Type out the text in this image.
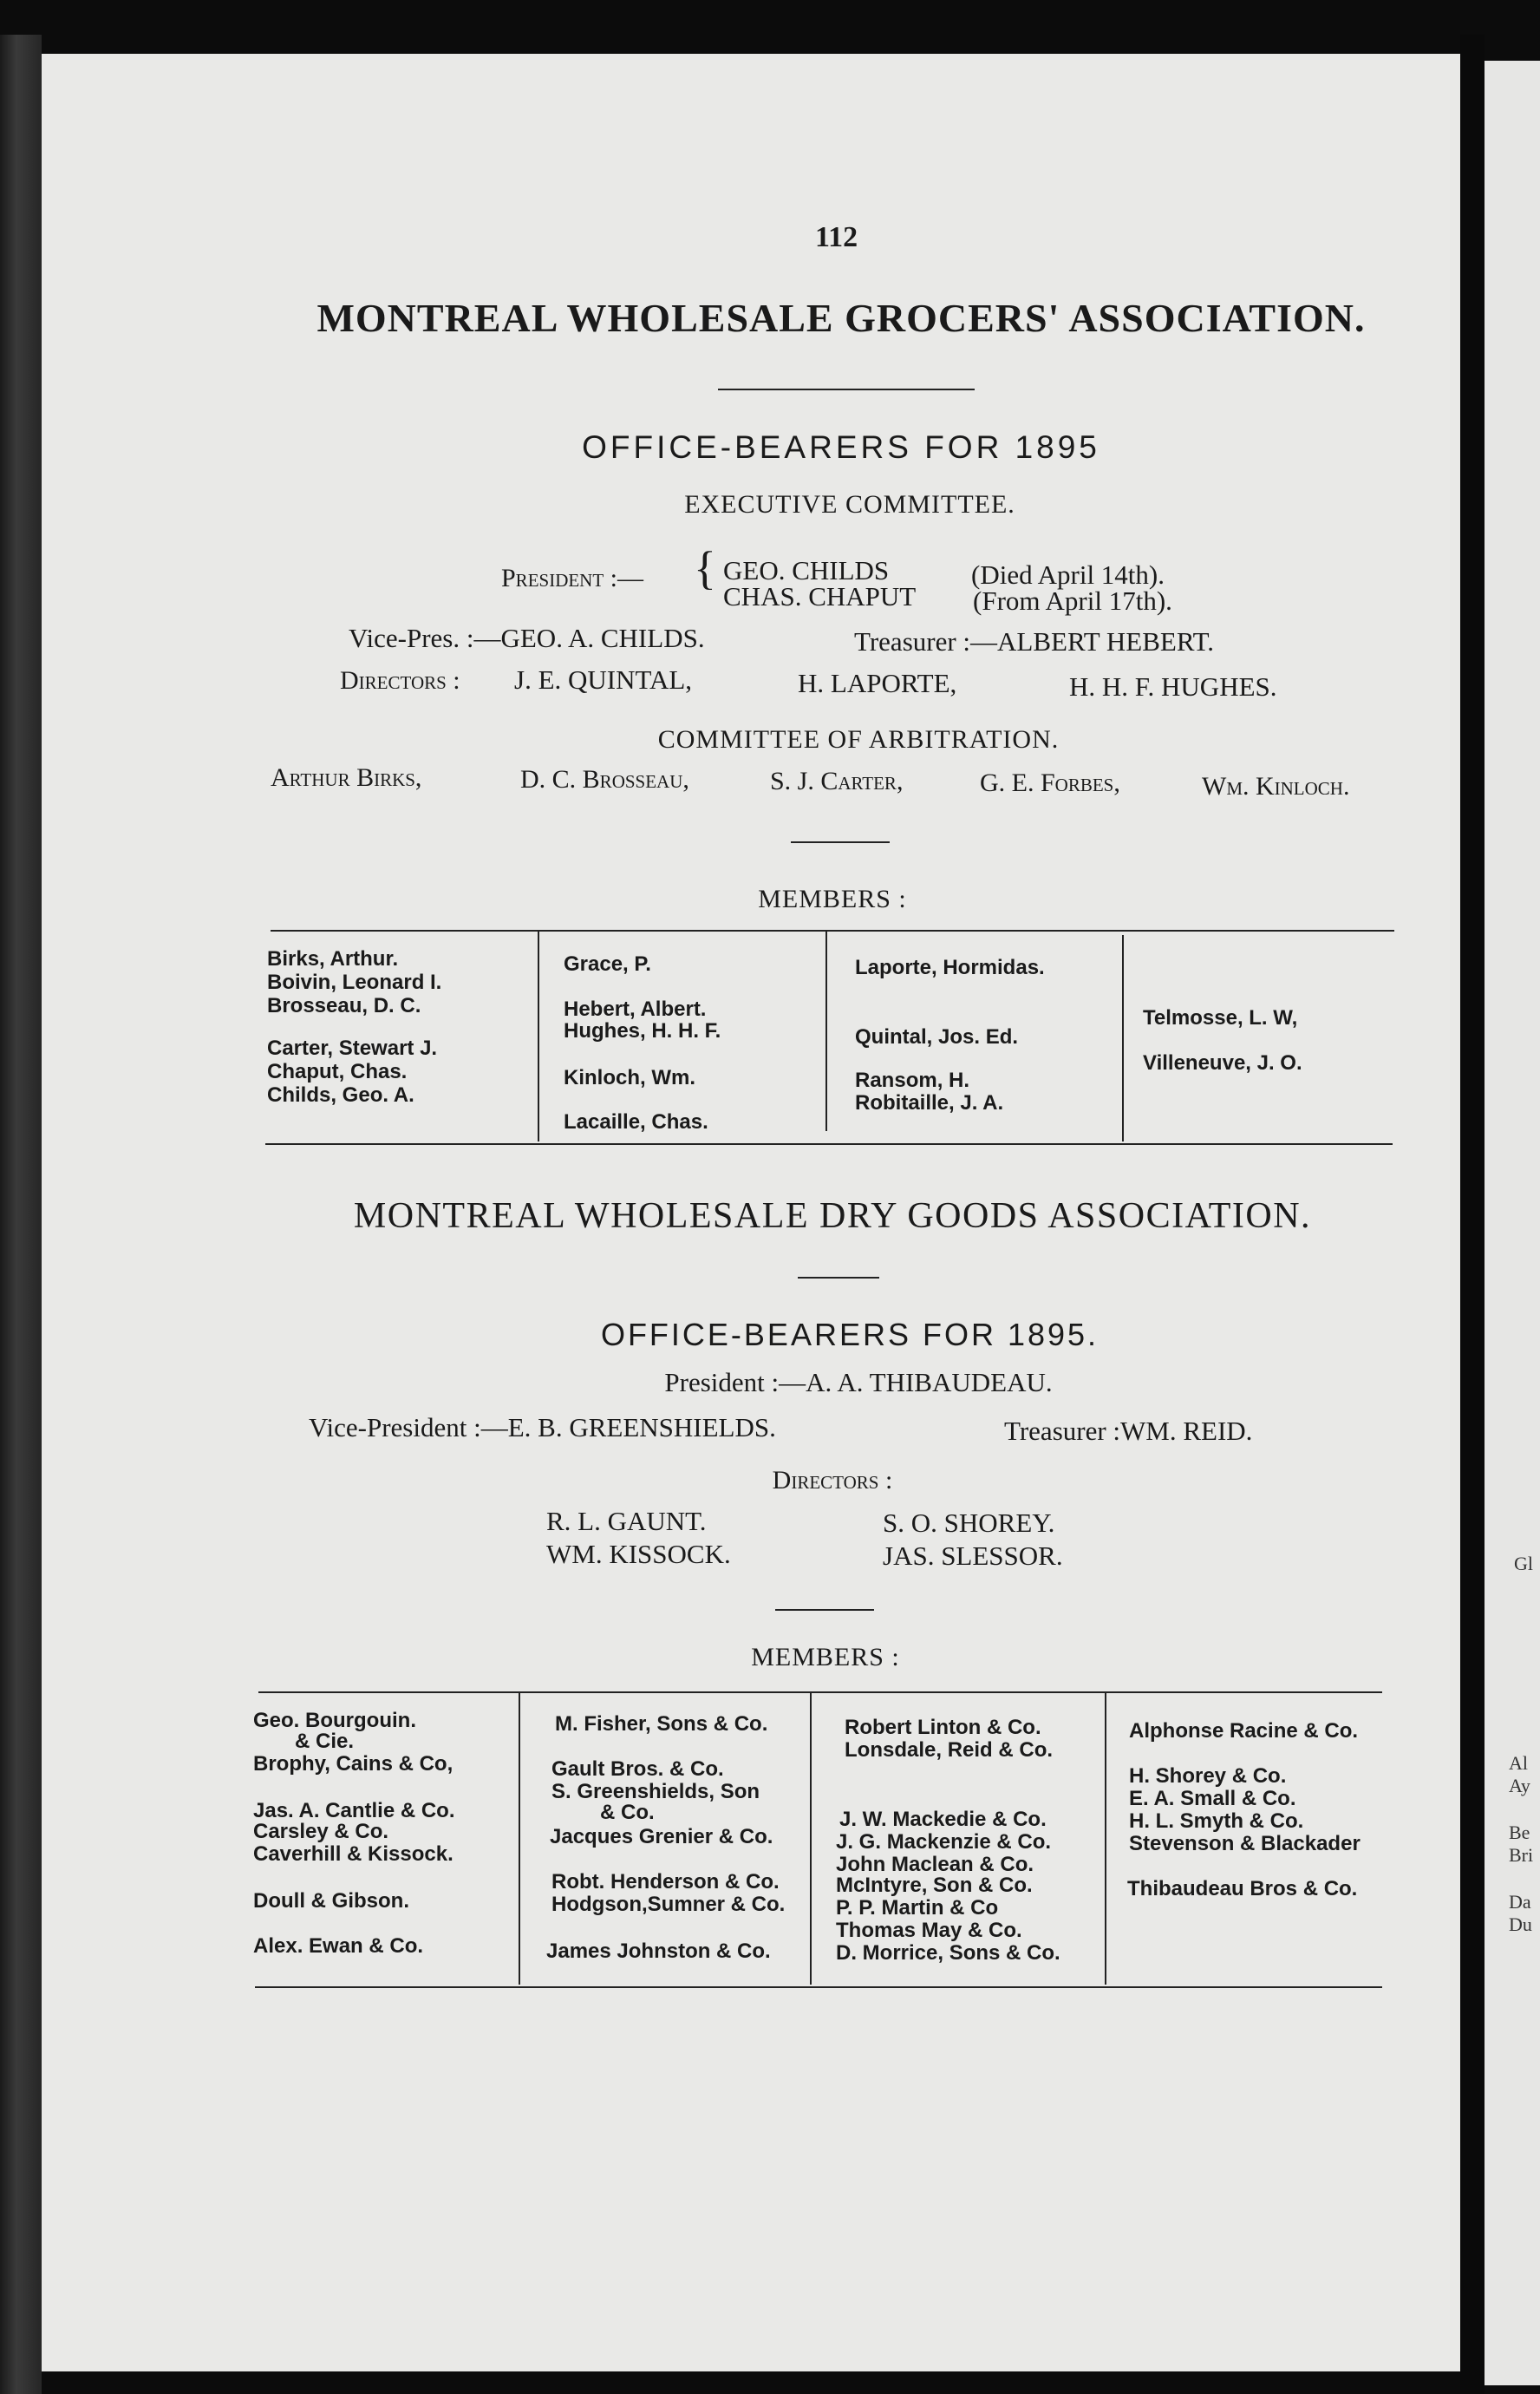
Gl
Al
Ay
Be
Bri
Da
Du
112
MONTREAL WHOLESALE GROCERS' ASSOCIATION.
OFFICE-BEARERS FOR 1895
EXECUTIVE COMMITTEE.
President :— { GEO. CHILDS	(Died April 14th).
CHAS. CHAPUT (From April 17th).
Vice-Pres. :—GEO. A. CHILDS.	Treasurer :—ALBERT HEBERT.
Directors : J. E. QUINTAL,	H. LAPORTE,	H. H. F. HUGHES.
COMMITTEE OF ARBITRATION.
Arthur Birks,	D. C. Brosseau,	S. J. Carter,	G. E. Forbes,	Wm. Kinloch.
MEMBERS :
Birks, Arthur.
Boivin, Leonard I.
Brosseau, D. C.
Carter, Stewart J.
Chaput, Chas.
Childs, Geo. A.
Grace, P.
Hebert, Albert.
Hughes, H. H. F.
Kinloch, Wm.
Lacaille, Chas.
Laporte, Hormidas.
Quintal, Jos. Ed.
Ransom, H.
Robitaille, J. A.
Telmosse, L. W,
Villeneuve, J. O.
MONTREAL WHOLESALE DRY GOODS ASSOCIATION.
OFFICE-BEARERS FOR 1895.
President :—A. A. THIBAUDEAU.
Vice-President :—E. B. GREENSHIELDS.	Treasurer :WM. REID.
Directors :
R. L. GAUNT.	S. O. SHOREY.
WM. KISSOCK.	JAS. SLESSOR.
MEMBERS :
Geo. Bourgouin.
& Cie.
Brophy, Cains & Co,
Jas. A. Cantlie & Co.
Carsley & Co.
Caverhill & Kissock.
Doull & Gibson.
Alex. Ewan & Co.
M. Fisher, Sons & Co.
Gault Bros. & Co.
S. Greenshields, Son
& Co.
Jacques Grenier & Co.
Robt. Henderson & Co.
Hodgson,Sumner & Co.
James Johnston & Co.
Robert Linton & Co.
Lonsdale, Reid & Co.
J. W. Mackedie & Co.
J. G. Mackenzie & Co.
John Maclean & Co.
McIntyre, Son & Co.
P. P. Martin & Co
Thomas May & Co.
D. Morrice, Sons & Co.
Alphonse Racine & Co.
H. Shorey & Co.
E. A. Small & Co.
H. L. Smyth & Co.
Stevenson & Blackader
Thibaudeau Bros & Co.
